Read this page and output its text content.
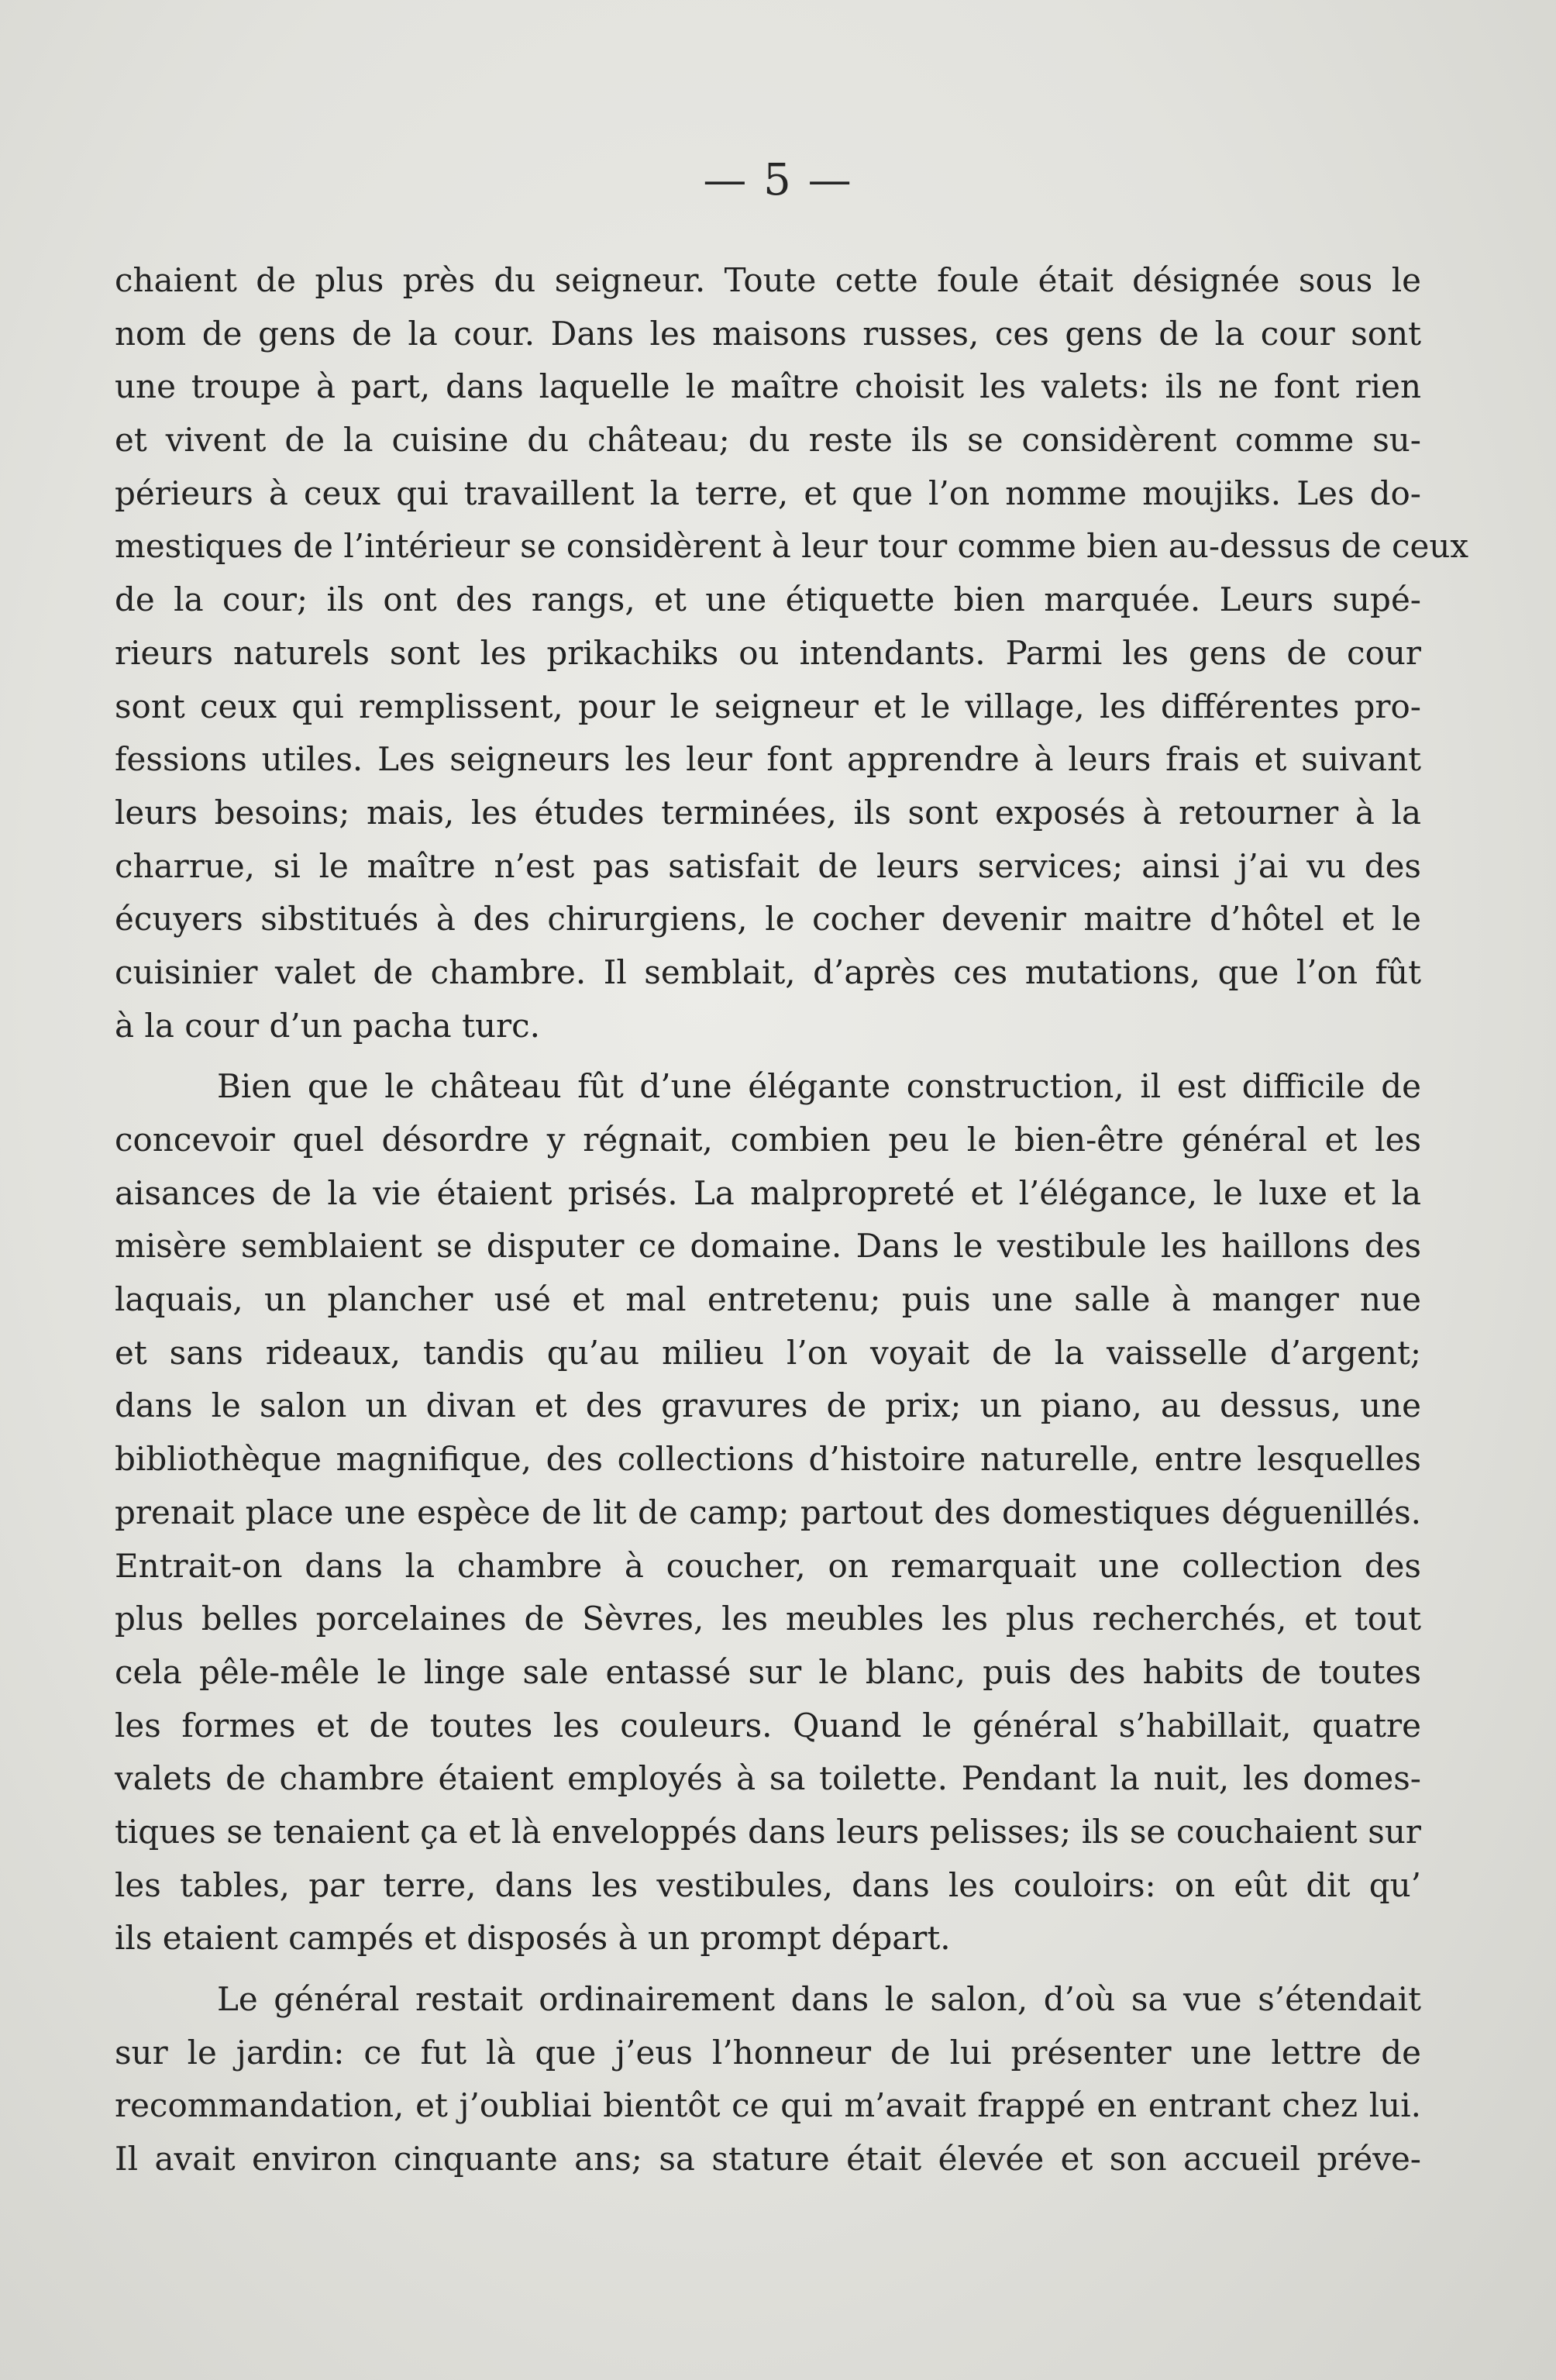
— 5 —
chaient de plus près du seigneur. Toute cette foule était désignée sous le
nom de gens de la cour. Dans les maisons russes, ces gens de la cour sont
une troupe à part, dans laquelle le maître choisit les valets: ils ne font rien
et vivent de la cuisine du château; du reste ils se considèrent comme su-
périeurs à ceux qui travaillent la terre, et que l’on nomme moujiks. Les do-
mestiques de l’intérieur se considèrent à leur tour comme bien au-dessus de ceux
de la cour; ils ont des rangs, et une étiquette bien marquée. Leurs supé-
rieurs naturels sont les prikachiks ou intendants. Parmi les gens de cour
sont ceux qui remplissent, pour le seigneur et le village, les différentes pro-
fessions utiles. Les seigneurs les leur font apprendre à leurs frais et suivant
leurs besoins; mais, les études terminées, ils sont exposés à retourner à la
charrue, si le maître n’est pas satisfait de leurs services; ainsi j’ai vu des
écuyers sibstitués à des chirurgiens, le cocher devenir maitre d’hôtel et le
cuisinier valet de chambre. Il semblait, d’après ces mutations, que l’on fût
à la cour d’un pacha turc.
Bien que le château fût d’une élégante construction, il est difficile de
concevoir quel désordre y régnait, combien peu le bien-être général et les
aisances de la vie étaient prisés. La malpropreté et l’élégance, le luxe et la
misère semblaient se disputer ce domaine. Dans le vestibule les haillons des
laquais, un plancher usé et mal entretenu; puis une salle à manger nue
et sans rideaux, tandis qu’au milieu l’on voyait de la vaisselle d’argent;
dans le salon un divan et des gravures de prix; un piano, au dessus, une
bibliothèque magnifique, des collections d’histoire naturelle, entre lesquelles
prenait place une espèce de lit de camp; partout des domestiques déguenillés.
Entrait-on dans la chambre à coucher, on remarquait une collection des
plus belles porcelaines de Sèvres, les meubles les plus recherchés, et tout
cela pêle-mêle le linge sale entassé sur le blanc, puis des habits de toutes
les formes et de toutes les couleurs. Quand le général s’habillait, quatre
valets de chambre étaient employés à sa toilette. Pendant la nuit, les domes-
tiques se tenaient ça et là enveloppés dans leurs pelisses; ils se couchaient sur
les tables, par terre, dans les vestibules, dans les couloirs: on eût dit qu’
ils etaient campés et disposés à un prompt départ.
Le général restait ordinairement dans le salon, d’où sa vue s’étendait
sur le jardin: ce fut là que j’eus l’honneur de lui présenter une lettre de
recommandation, et j’oubliai bientôt ce qui m’avait frappé en entrant chez lui.
Il avait environ cinquante ans; sa stature était élevée et son accueil préve-
